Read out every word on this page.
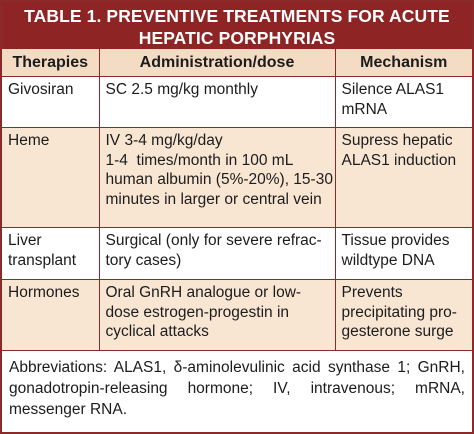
TABLE 1. PREVENTIVE TREATMENTS FOR ACUTE
HEPATIC PORPHYRIAS
Therapies	Administration/dose	Mechanism

Givosiran	SC 2.5 mg/kg monthly	Silence ALAS1
mRNA

Heme	IV 3-4 mg/kg/day
1-4  times/month in 100 mL
human albumin (5%-20%), 15-30
minutes in larger or central vein	Supress hepatic
ALAS1 induction

Liver
transplant	Surgical (only for severe refrac-
tory cases)	Tissue provides
wildtype DNA

Hormones	Oral GnRH analogue or low-
dose estrogen-progestin in
cyclical attacks	Prevents
precipitating pro-
gesterone surge
Abbreviations: ALAS1, δ-aminolevulinic acid synthase 1; GnRH, gonadotropin-releasing hormone; IV, intravenous; mRNA, messenger RNA.
